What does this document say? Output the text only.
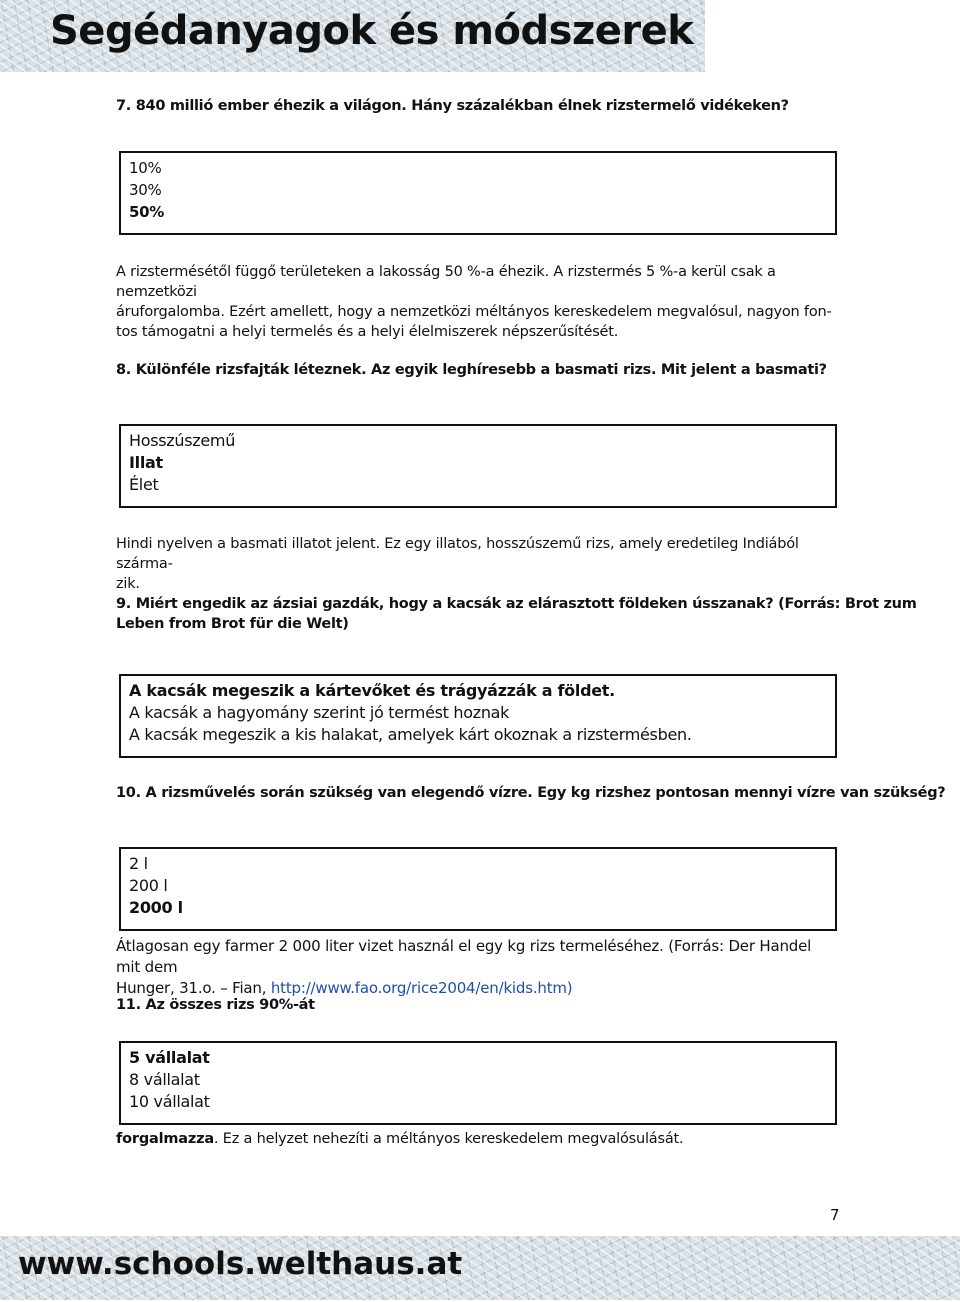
Segédanyagok és módszerek
7. 840 millió ember éhezik a világon. Hány százalékban élnek rizstermelő vidékeken?
10%
30%
50%
A rizstermésétől függő területeken a lakosság 50 %-a éhezik. A rizstermés 5 %-a kerül csak a nemzetközi
áruforgalomba. Ezért amellett, hogy a nemzetközi méltányos kereskedelem megvalósul, nagyon fon-
tos támogatni a helyi termelés és a helyi élelmiszerek népszerűsítését.
8. Különféle rizsfajták léteznek. Az egyik leghíresebb a basmati rizs. Mit jelent a basmati?
Hosszúszemű
Illat
Élet
Hindi nyelven a basmati illatot jelent. Ez egy illatos, hosszúszemű rizs, amely eredetileg Indiából szárma-
zik.
9. Miért engedik az ázsiai gazdák, hogy a kacsák az elárasztott földeken ússzanak? (Forrás: Brot zum
Leben from Brot für die Welt)
A kacsák megeszik a kártevőket és trágyázzák a földet.
A kacsák a hagyomány szerint jó termést hoznak
A kacsák megeszik a kis halakat, amelyek kárt okoznak a rizstermésben.
10. A rizsművelés során szükség van elegendő vízre. Egy kg rizshez pontosan mennyi vízre van szükség?
2 l
200 l
2000 l
Átlagosan egy farmer 2 000 liter vizet használ el egy kg rizs termeléséhez. (Forrás: Der Handel mit dem
Hunger, 31.o. – Fian, http://www.fao.org/rice2004/en/kids.htm)
11. Az összes rizs 90%-át
5 vállalat
8 vállalat
10 vállalat
forgalmazza. Ez a helyzet nehezíti a méltányos kereskedelem megvalósulását.
7
www.schools.welthaus.at
